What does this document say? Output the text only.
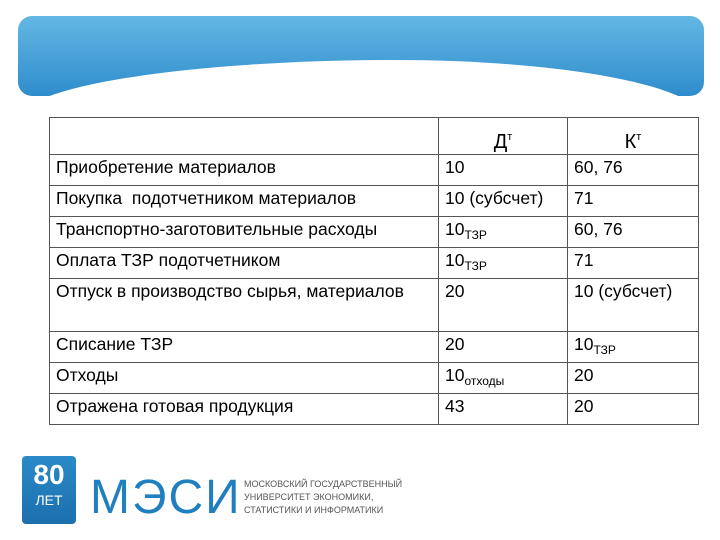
	$Д^т$	$К^т$
Приобретение материалов	10	60, 76
Покупка  подотчетником материалов	10 (субсчет)	71
Транспортно-заготовительные расходы	$10_{ТЗР}$	60, 76
Оплата ТЗР подотчетником	$10_{ТЗР}$	71
Отпуск в производство сырья, материалов	20	10 (субсчет)
Списание ТЗР	20	$10_{ТЗР}$
Отходы	$10_{отходы}$	20
Отражена готовая продукция	43	20
80
ЛЕТ МЭСИ МОСКОВСКИЙ ГОСУДАРСТВЕННЫЙ
УНИВЕРСИТЕТ ЭКОНОМИКИ,
СТАТИСТИКИ И ИНФОРМАТИКИ
